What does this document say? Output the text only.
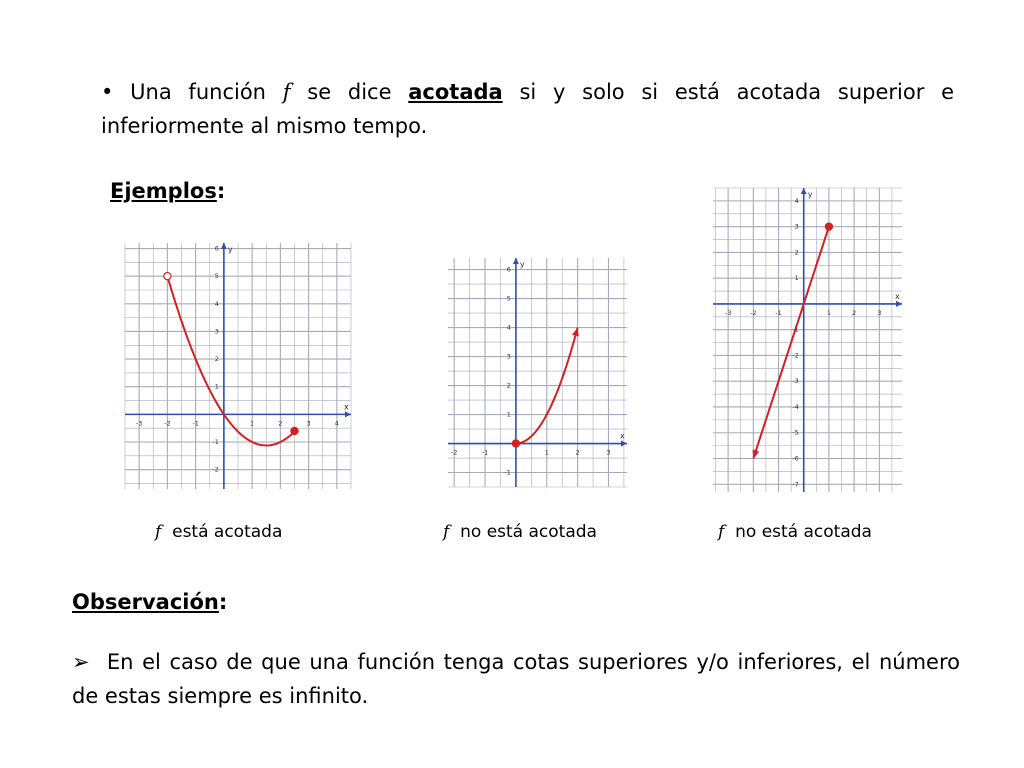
• Una función f se dice acotada si y solo si está acotada superior e inferiormente al mismo tempo.
Ejemplos:
-3	-2	-1	1	2	3	4
-2
-1
1
2
3
4
5
6
x
y
-2	-1	1	2	3
-1
1
2
3
4
5
6
x
y
-3	-2	-1	1	2	3
-7
-6
-5
-4
-3
-2
-1
1
2
3
4
x
y
f está acotada	f no está acotada	f no está acotada
Observación:
➢ En el caso de que una función tenga cotas superiores y/o inferiores, el número de estas siempre es infinito.
